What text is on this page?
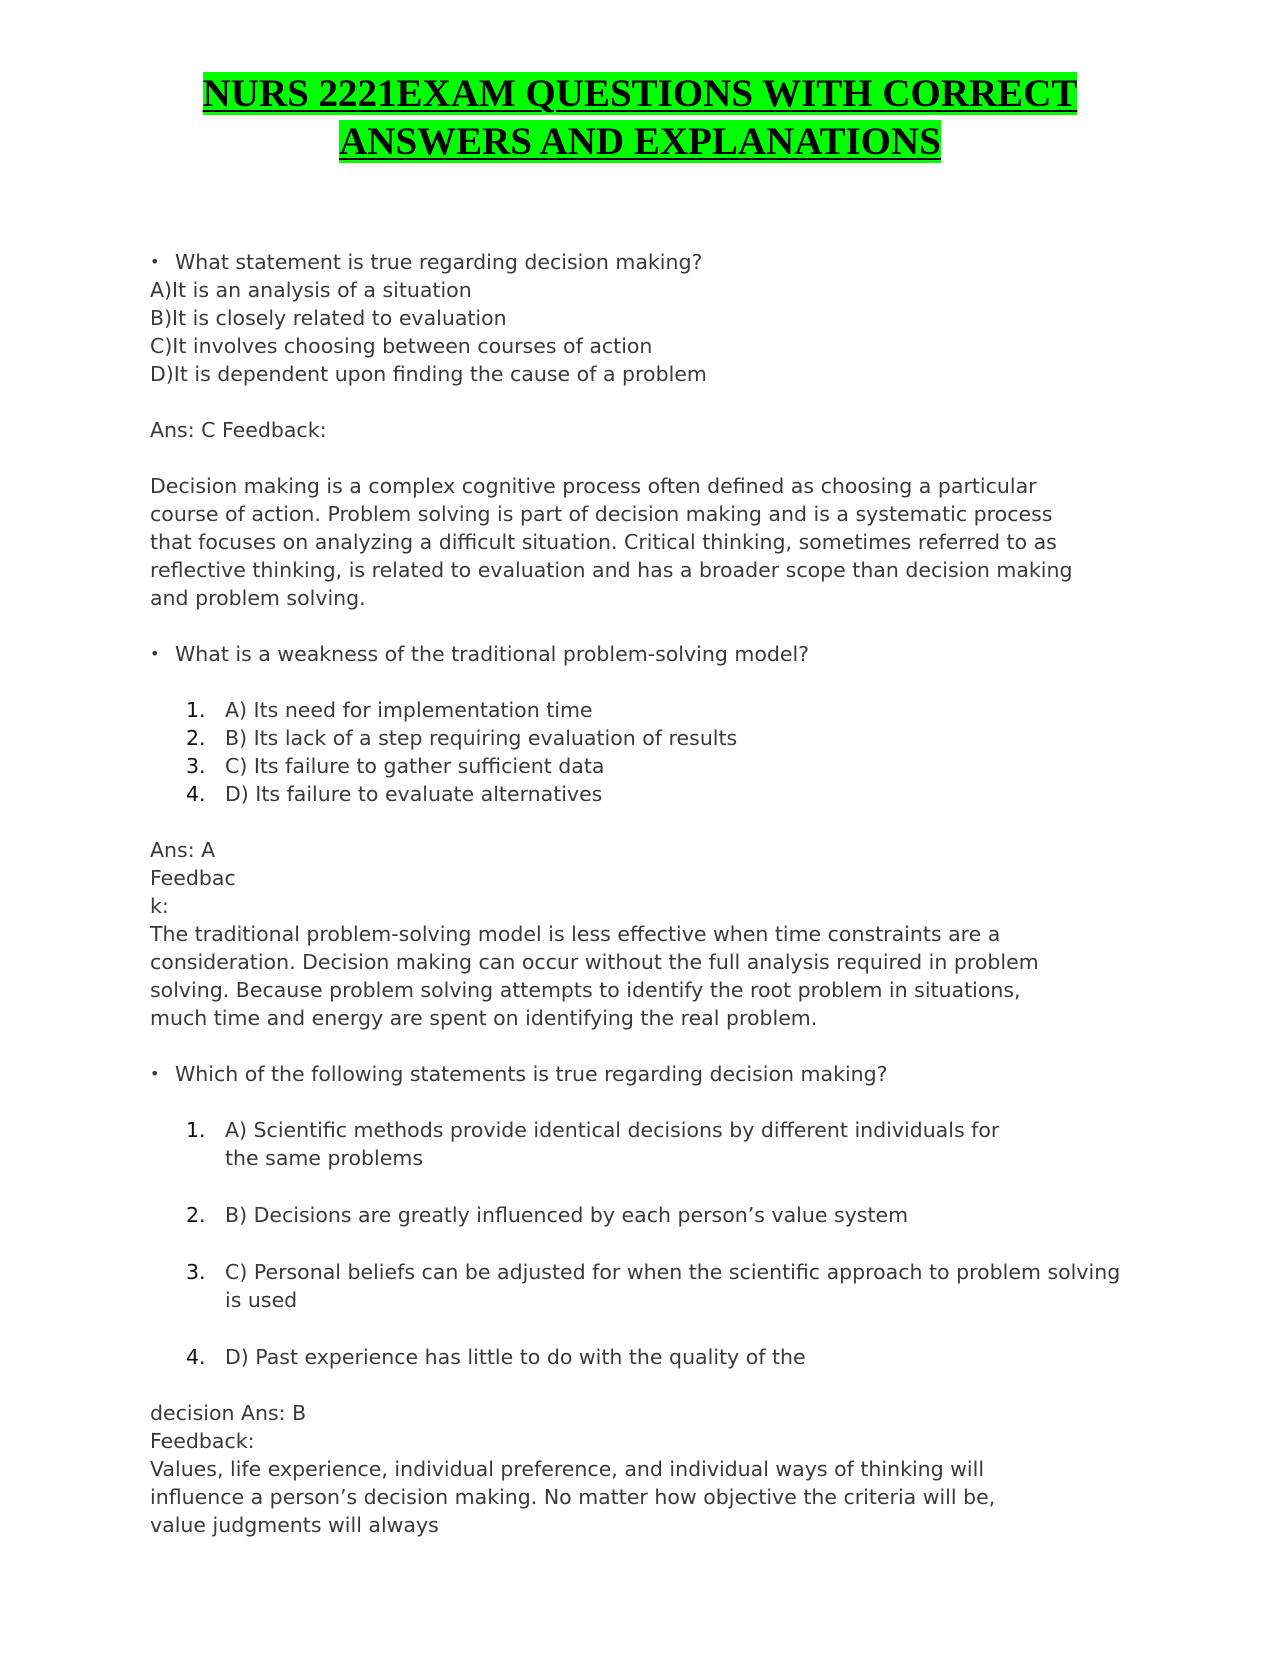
NURS 2221EXAM QUESTIONS WITH CORRECT
ANSWERS AND EXPLANATIONS

• What statement is true regarding decision making?

A)It is an analysis of a situation

B)It is closely related to evaluation

C)It involves choosing between courses of action

D)It is dependent upon finding the cause of a problem

Ans: C Feedback:

Decision making is a complex cognitive process often defined as choosing a particular course of action. Problem solving is part of decision making and is a systematic process that focuses on analyzing a difficult situation. Critical thinking, sometimes referred to as reflective thinking, is related to evaluation and has a broader scope than decision making and problem solving.

• What is a weakness of the traditional problem-solving model?

1. A) Its need for implementation time
2. B) Its lack of a step requiring evaluation of results
3. C) Its failure to gather sufficient data
4. D) Its failure to evaluate alternatives

Ans: A

Feedbac

k:

The traditional problem-solving model is less effective when time constraints are a consideration. Decision making can occur without the full analysis required in problem solving. Because problem solving attempts to identify the root problem in situations, much time and energy are spent on identifying the real problem.

• Which of the following statements is true regarding decision making?

1. A) Scientific methods provide identical decisions by different individuals for the same problems
2. B) Decisions are greatly influenced by each person’s value system
3. C) Personal beliefs can be adjusted for when the scientific approach to problem solving is used
4. D) Past experience has little to do with the quality of the

decision Ans: B

Feedback:

Values, life experience, individual preference, and individual ways of thinking will influence a person’s decision making. No matter how objective the criteria will be, value judgments will always
